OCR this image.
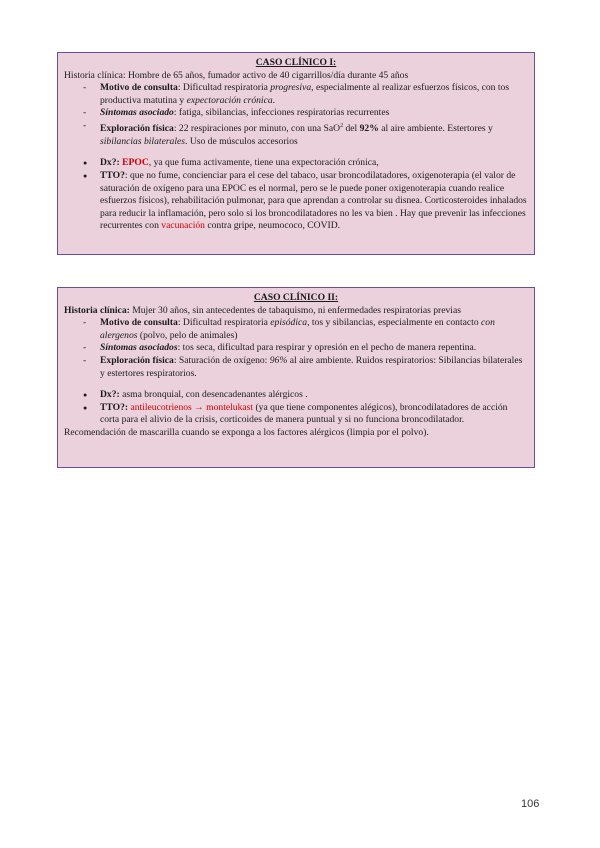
CASO CLÍNICO I:

Historia clínica: Hombre de 65 años, fumador activo de 40 cigarrillos/día durante 45 años

- Motivo de consulta: Dificultad respiratoria progresiva, especialmente al realizar esfuerzos físicos, con tos productiva matutina y expectoración crónica.
- Síntomas asociado: fatiga, sibilancias, infecciones respiratorias recurrentes
- Exploración física: 22 respiraciones por minuto, con una SaO$^2$ del 92% al aire ambiente. Estertores y sibilancias bilaterales. Uso de músculos accesorios
● Dx?: EPOC, ya que fuma activamente, tiene una expectoración crónica,
● TTO?: que no fume, concienciar para el cese del tabaco, usar broncodilatadores, oxigenoterapia (el valor de saturación de oxígeno para una EPOC es el normal, pero se le puede poner oxigenoterapia cuando realice esfuerzos físicos), rehabilitación pulmonar, para que aprendan a controlar su disnea. Corticosteroides inhalados para reducir la inflamación, pero solo si los broncodilatadores no les va bien . Hay que prevenir las infecciones recurrentes con vacunación contra gripe, neumococo, COVID.
CASO CLÍNICO II:

Historia clínica: Mujer 30 años, sin antecedentes de tabaquismo, ni enfermedades respiratorias previas

- Motivo de consulta: Dificultad respiratoria episódica, tos y sibilancias, especialmente en contacto con alergenos (polvo, pelo de animales)
- Síntomas asociados: tos seca, dificultad para respirar y opresión en el pecho de manera repentina.
- Exploración física: Saturación de oxígeno: 96% al aire ambiente. Ruidos respiratorios: Sibilancias bilaterales y estertores respiratorios.
● Dx?: asma bronquial, con desencadenantes alérgicos .
● TTO?: antileucotrienos → montelukast (ya que tiene componentes alégicos), broncodilatadores de acción corta para el alivio de la crisis, corticoides de manera puntual y si no funciona broncodilatador.

Recomendación de mascarilla cuando se exponga a los factores alérgicos (limpia por el polvo).

106
